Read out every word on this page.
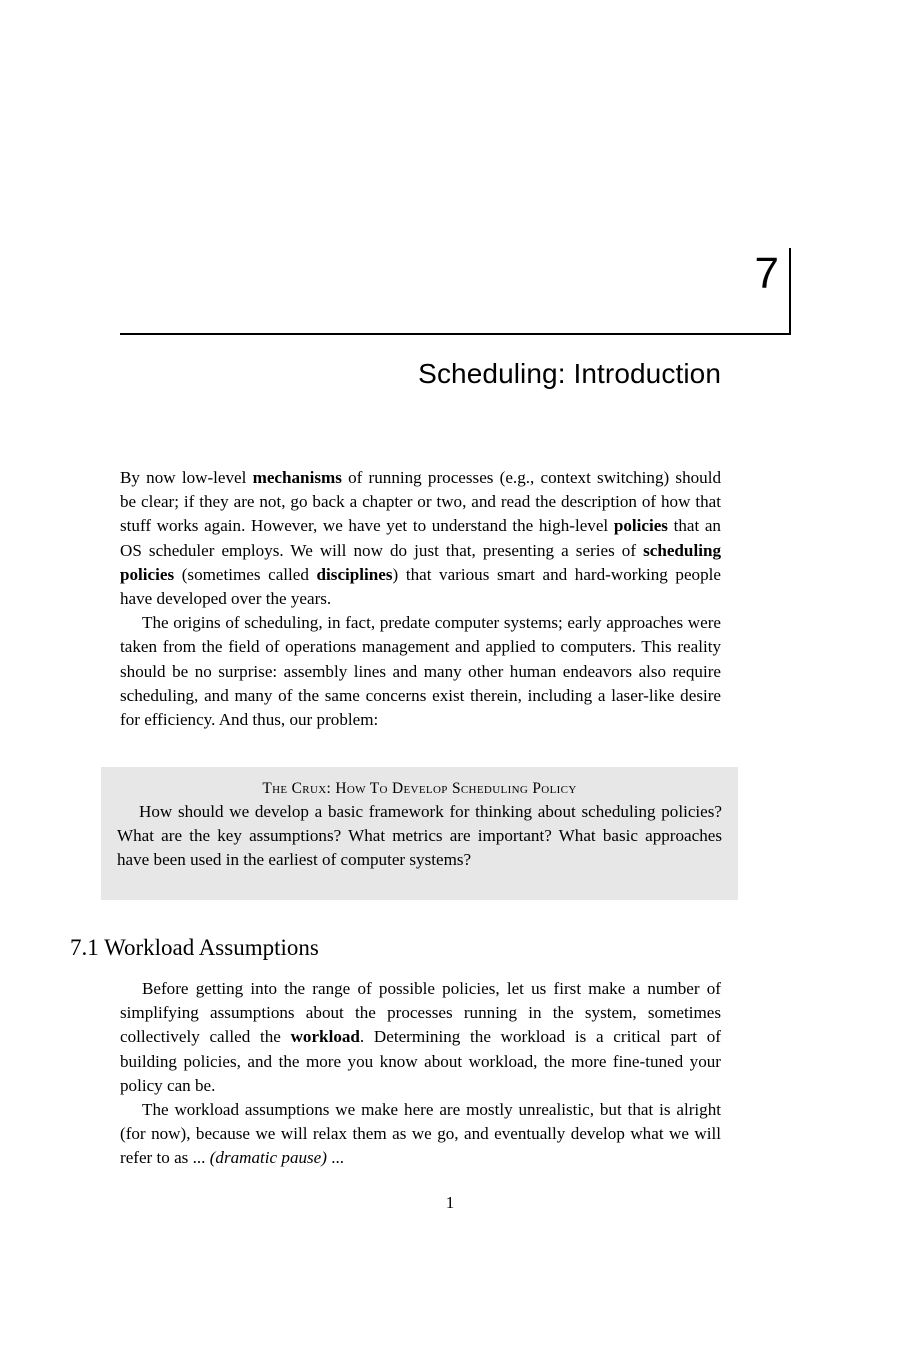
7
Scheduling: Introduction

By now low-level mechanisms of running processes (e.g., context switching) should be clear; if they are not, go back a chapter or two, and read the description of how that stuff works again. However, we have yet to understand the high-level policies that an OS scheduler employs. We will now do just that, presenting a series of scheduling policies (sometimes called disciplines) that various smart and hard-working people have developed over the years.

The origins of scheduling, in fact, predate computer systems; early approaches were taken from the field of operations management and applied to computers. This reality should be no surprise: assembly lines and many other human endeavors also require scheduling, and many of the same concerns exist therein, including a laser-like desire for efficiency. And thus, our problem:

The Crux: How To Develop Scheduling Policy

How should we develop a basic framework for thinking about scheduling policies? What are the key assumptions? What metrics are important? What basic approaches have been used in the earliest of computer systems?

7.1 Workload Assumptions

Before getting into the range of possible policies, let us first make a number of simplifying assumptions about the processes running in the system, sometimes collectively called the workload. Determining the workload is a critical part of building policies, and the more you know about workload, the more fine-tuned your policy can be.

The workload assumptions we make here are mostly unrealistic, but that is alright (for now), because we will relax them as we go, and eventually develop what we will refer to as ... (dramatic pause) ...

1
